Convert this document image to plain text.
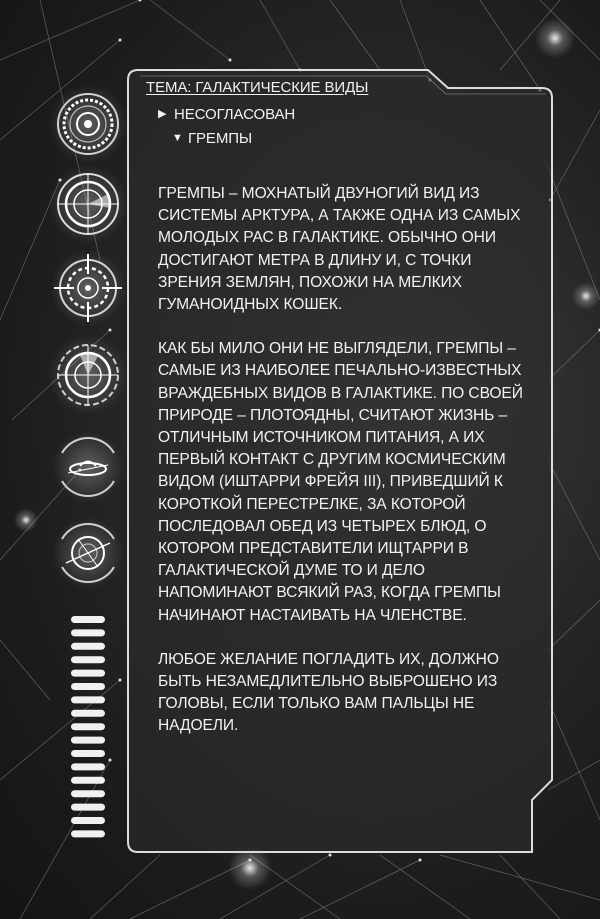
ТЕМА: ГАЛАКТИЧЕСКИЕ ВИДЫ
▶ НЕСОГЛАСОВАН
▼ ГРЕМПЫ

ГРЕМПЫ – МОХНАТЫЙ ДВУНОГИЙ ВИД ИЗ СИСТЕМЫ АРКТУРА, А ТАКЖЕ ОДНА ИЗ САМЫХ МОЛОДЫХ РАС В ГАЛАКТИКЕ. ОБЫЧНО ОНИ ДОСТИГАЮТ МЕТРА В ДЛИНУ И, С ТОЧКИ ЗРЕНИЯ ЗЕМЛЯН, ПОХОЖИ НА МЕЛКИХ ГУМАНОИДНЫХ КОШЕК.

КАК БЫ МИЛО ОНИ НЕ ВЫГЛЯДЕЛИ, ГРЕМПЫ – САМЫЕ ИЗ НАИБОЛЕЕ ПЕЧАЛЬНО-ИЗВЕСТНЫХ ВРАЖДЕБНЫХ ВИДОВ В ГАЛАКТИКЕ. ПО СВОЕЙ ПРИРОДЕ – ПЛОТОЯДНЫ, СЧИТАЮТ ЖИЗНЬ – ОТЛИЧНЫМ ИСТОЧНИКОМ ПИТАНИЯ, А ИХ ПЕРВЫЙ КОНТАКТ С ДРУГИМ КОСМИЧЕСКИМ ВИДОМ (ИШТАРРИ ФРЕЙЯ III), ПРИВЕДШИЙ К КОРОТКОЙ ПЕРЕСТРЕЛКЕ, ЗА КОТОРОЙ ПОСЛЕДОВАЛ ОБЕД ИЗ ЧЕТЫРЕХ БЛЮД, О КОТОРОМ ПРЕДСТАВИТЕЛИ ИЩТАРРИ В ГАЛАКТИЧЕСКОЙ ДУМЕ ТО И ДЕЛО НАПОМИНАЮТ ВСЯКИЙ РАЗ, КОГДА ГРЕМПЫ НАЧИНАЮТ НАСТАИВАТЬ НА ЧЛЕНСТВЕ.

ЛЮБОЕ ЖЕЛАНИЕ ПОГЛАДИТЬ ИХ, ДОЛЖНО БЫТЬ НЕЗАМЕДЛИТЕЛЬНО ВЫБРОШЕНО ИЗ ГОЛОВЫ, ЕСЛИ ТОЛЬКО ВАМ ПАЛЬЦЫ НЕ НАДОЕЛИ.
